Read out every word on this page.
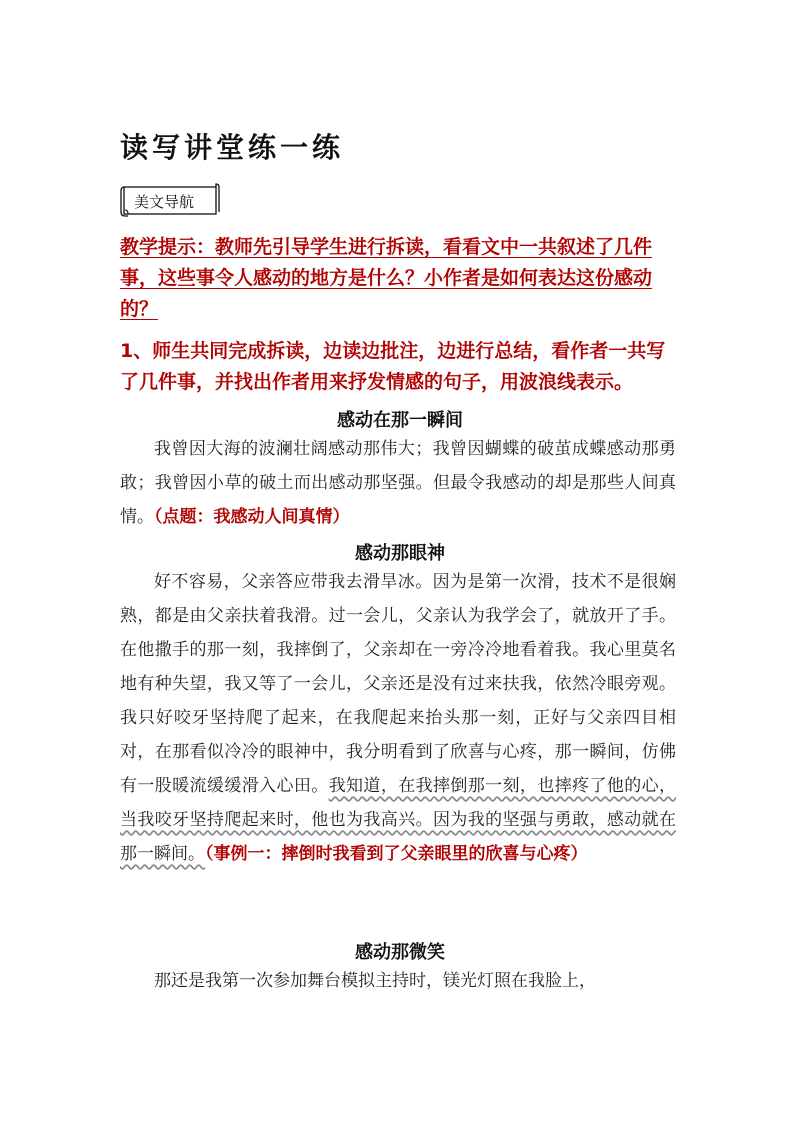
读写讲堂练一练
美文导航
教学提示：教师先引导学生进行拆读，看看文中一共叙述了几件事，这些事令人感动的地方是什么？小作者是如何表达这份感动的？
1、师生共同完成拆读，边读边批注，边进行总结，看作者一共写了几件事，并找出作者用来抒发情感的句子，用波浪线表示。
感动在那一瞬间
我曾因大海的波澜壮阔感动那伟大；我曾因蝴蝶的破茧成蝶感动那勇敢；我曾因小草的破土而出感动那坚强。但最令我感动的却是那些人间真情。（点题：我感动人间真情）
感动那眼神
好不容易，父亲答应带我去滑旱冰。因为是第一次滑，技术不是很娴熟，都是由父亲扶着我滑。过一会儿，父亲认为我学会了，就放开了手。在他撒手的那一刻，我摔倒了，父亲却在一旁冷冷地看着我。我心里莫名地有种失望，我又等了一会儿，父亲还是没有过来扶我，依然冷眼旁观。我只好咬牙坚持爬了起来，在我爬起来抬头那一刻，正好与父亲四目相对，在那看似冷冷的眼神中，我分明看到了欣喜与心疼，那一瞬间，仿佛有一股暖流缓缓滑入心田。我知道，在我摔倒那一刻，也摔疼了他的心，当我咬牙坚持爬起来时，他也为我高兴。因为我的坚强与勇敢，感动就在那一瞬间。（事例一：摔倒时我看到了父亲眼里的欣喜与心疼）
感动那微笑
那还是我第一次参加舞台模拟主持时，镁光灯照在我脸上，
